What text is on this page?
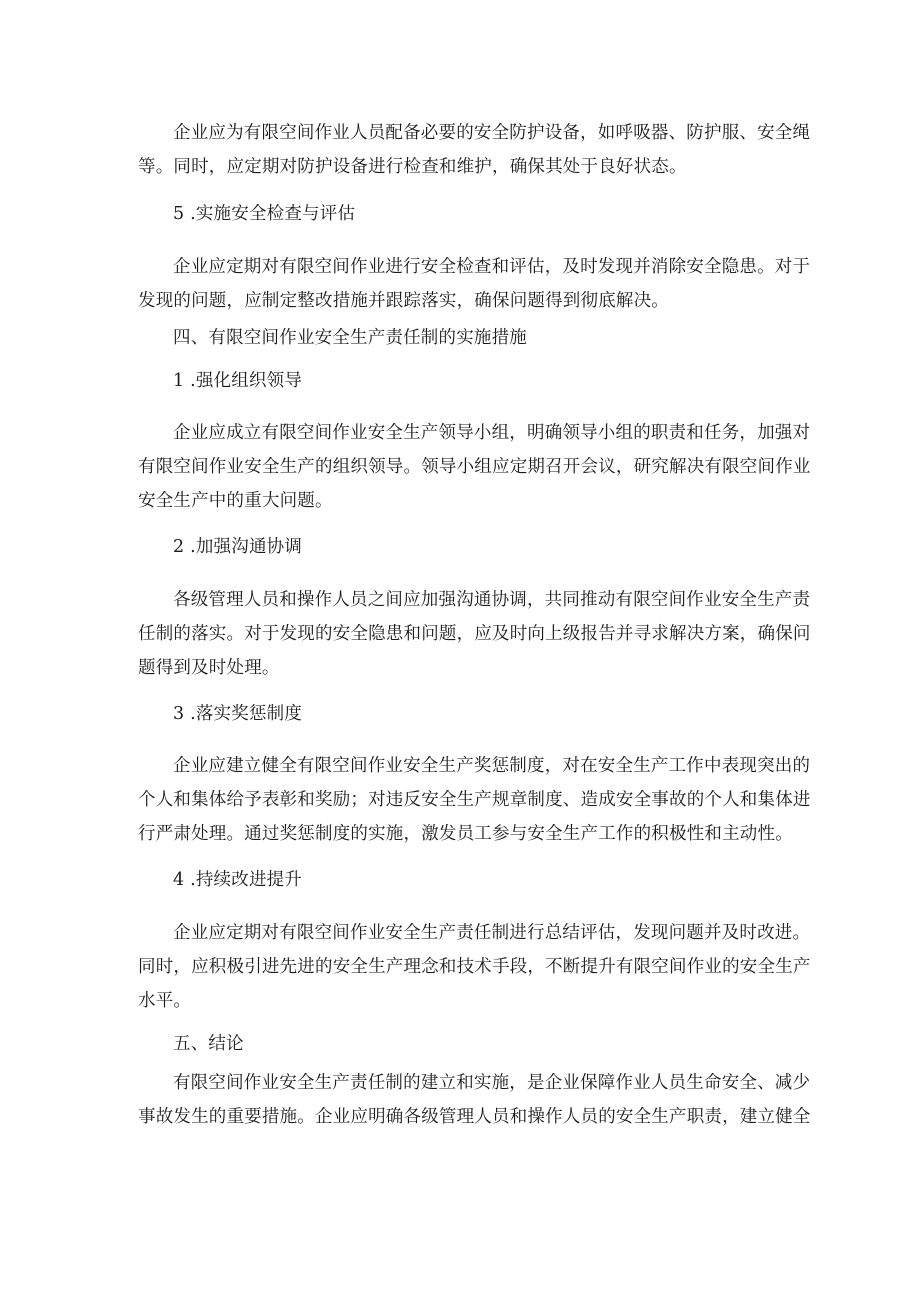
企业应为有限空间作业人员配备必要的安全防护设备，如呼吸器、防护服、安全绳
等。同时，应定期对防护设备进行检查和维护，确保其处于良好状态。

5 .实施安全检查与评估

企业应定期对有限空间作业进行安全检查和评估，及时发现并消除安全隐患。对于
发现的问题，应制定整改措施并跟踪落实，确保问题得到彻底解决。

四、有限空间作业安全生产责任制的实施措施

1 .强化组织领导

企业应成立有限空间作业安全生产领导小组，明确领导小组的职责和任务，加强对
有限空间作业安全生产的组织领导。领导小组应定期召开会议，研究解决有限空间作业
安全生产中的重大问题。

2 .加强沟通协调

各级管理人员和操作人员之间应加强沟通协调，共同推动有限空间作业安全生产责
任制的落实。对于发现的安全隐患和问题，应及时向上级报告并寻求解决方案，确保问
题得到及时处理。

3 .落实奖惩制度

企业应建立健全有限空间作业安全生产奖惩制度，对在安全生产工作中表现突出的
个人和集体给予表彰和奖励；对违反安全生产规章制度、造成安全事故的个人和集体进
行严肃处理。通过奖惩制度的实施，激发员工参与安全生产工作的积极性和主动性。

4 .持续改进提升

企业应定期对有限空间作业安全生产责任制进行总结评估，发现问题并及时改进。
同时，应积极引进先进的安全生产理念和技术手段，不断提升有限空间作业的安全生产
水平。

五、结论

有限空间作业安全生产责任制的建立和实施，是企业保障作业人员生命安全、减少
事故发生的重要措施。企业应明确各级管理人员和操作人员的安全生产职责，建立健全
